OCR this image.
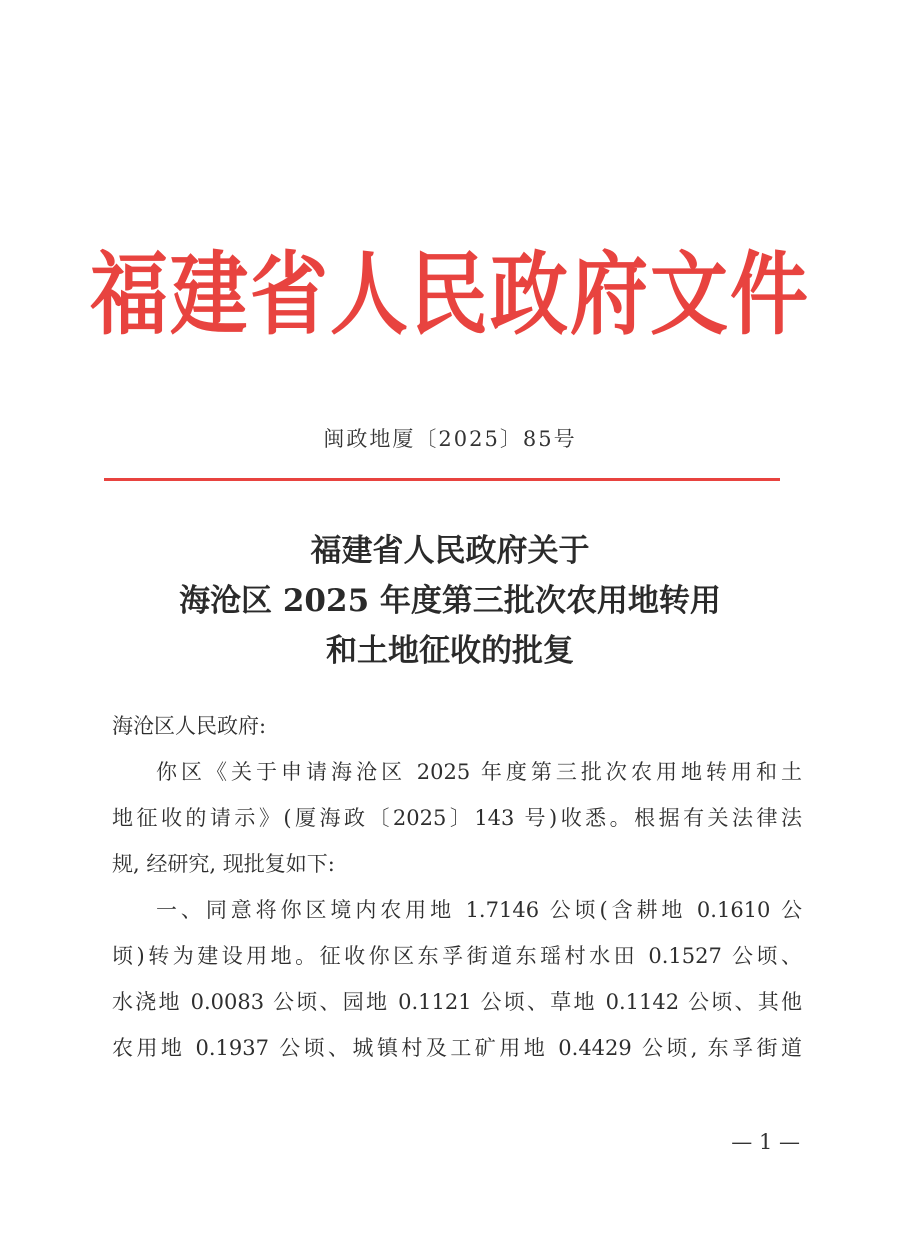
福建省人民政府文件
闽政地厦〔2025〕85号
福建省人民政府关于
海沧区 2025 年度第三批次农用地转用
和土地征收的批复
海沧区人民政府:
你区《关于申请海沧区 2025 年度第三批次农用地转用和土
地征收的请示》(厦海政〔2025〕143 号)收悉。根据有关法律法
规, 经研究, 现批复如下:
一、同意将你区境内农用地 1.7146 公顷(含耕地 0.1610 公
顷)转为建设用地。征收你区东孚街道东瑶村水田 0.1527 公顷、
水浇地 0.0083 公顷、园地 0.1121 公顷、草地 0.1142 公顷、其他
农用地 0.1937 公顷、城镇村及工矿用地 0.4429 公顷, 东孚街道
— 1 —
